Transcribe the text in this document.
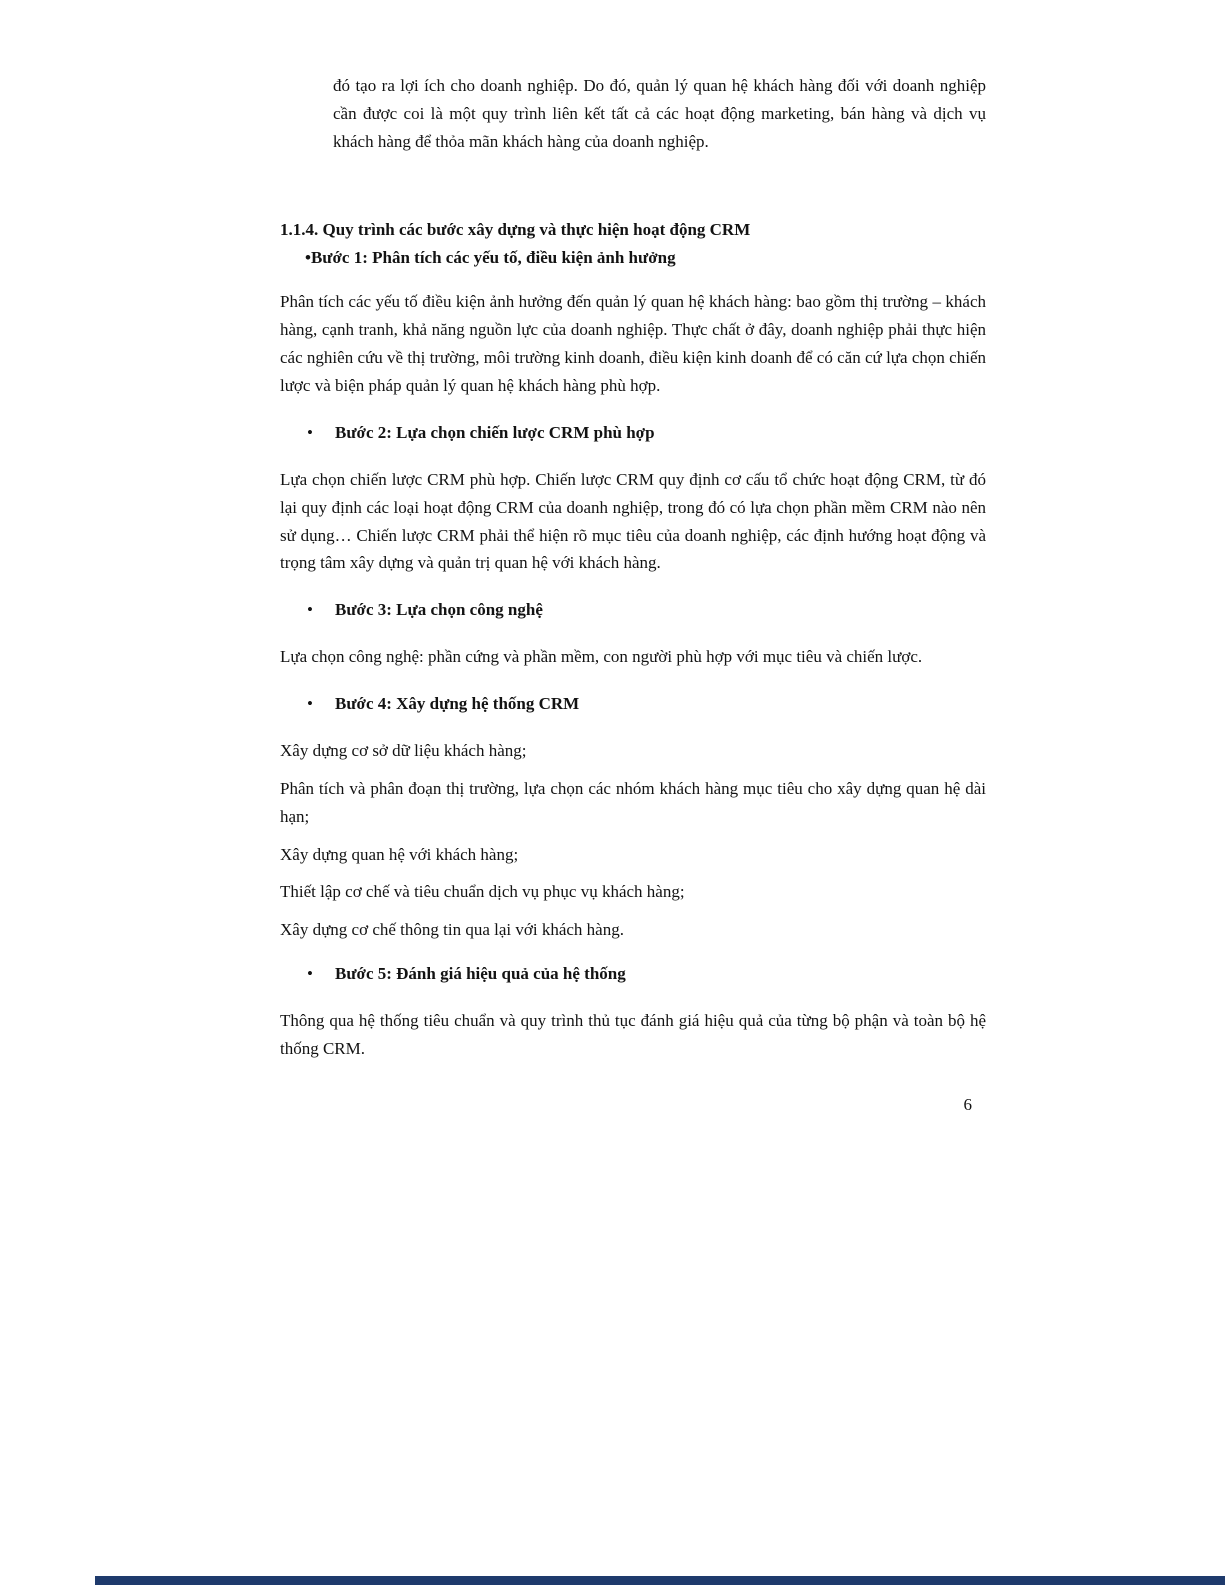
đó tạo ra lợi ích cho doanh nghiệp. Do đó, quản lý quan hệ khách hàng đối với doanh nghiệp cần được coi là một quy trình liên kết tất cả các hoạt động marketing, bán hàng và dịch vụ khách hàng để thỏa mãn khách hàng của doanh nghiệp.

1.1.4. Quy trình các bước xây dựng và thực hiện hoạt động CRM

•Bước 1: Phân tích các yếu tố, điều kiện ảnh hưởng

Phân tích các yếu tố điều kiện ảnh hưởng đến quản lý quan hệ khách hàng: bao gồm thị trường – khách hàng, cạnh tranh, khả năng nguồn lực của doanh nghiệp. Thực chất ở đây, doanh nghiệp phải thực hiện các nghiên cứu về thị trường, môi trường kinh doanh, điều kiện kinh doanh để có căn cứ lựa chọn chiến lược và biện pháp quản lý quan hệ khách hàng phù hợp.

•	Bước 2: Lựa chọn chiến lược CRM phù hợp

Lựa chọn chiến lược CRM phù hợp. Chiến lược CRM quy định cơ cấu tổ chức hoạt động CRM, từ đó lại quy định các loại hoạt động CRM của doanh nghiệp, trong đó có lựa chọn phần mềm CRM nào nên sử dụng… Chiến lược CRM phải thể hiện rõ mục tiêu của doanh nghiệp, các định hướng hoạt động và trọng tâm xây dựng và quản trị quan hệ với khách hàng.

•	Bước 3: Lựa chọn công nghệ

Lựa chọn công nghệ: phần cứng và phần mềm, con người phù hợp với mục tiêu và chiến lược.

•	Bước 4: Xây dựng hệ thống CRM

Xây dựng cơ sở dữ liệu khách hàng;

Phân tích và phân đoạn thị trường, lựa chọn các nhóm khách hàng mục tiêu cho xây dựng quan hệ dài hạn;

Xây dựng quan hệ với khách hàng;

Thiết lập cơ chế và tiêu chuẩn dịch vụ phục vụ khách hàng;

Xây dựng cơ chế thông tin qua lại với khách hàng.

•	Bước 5: Đánh giá hiệu quả của hệ thống

Thông qua hệ thống tiêu chuẩn và quy trình thủ tục đánh giá hiệu quả của từng bộ phận và toàn bộ hệ thống CRM.

6
